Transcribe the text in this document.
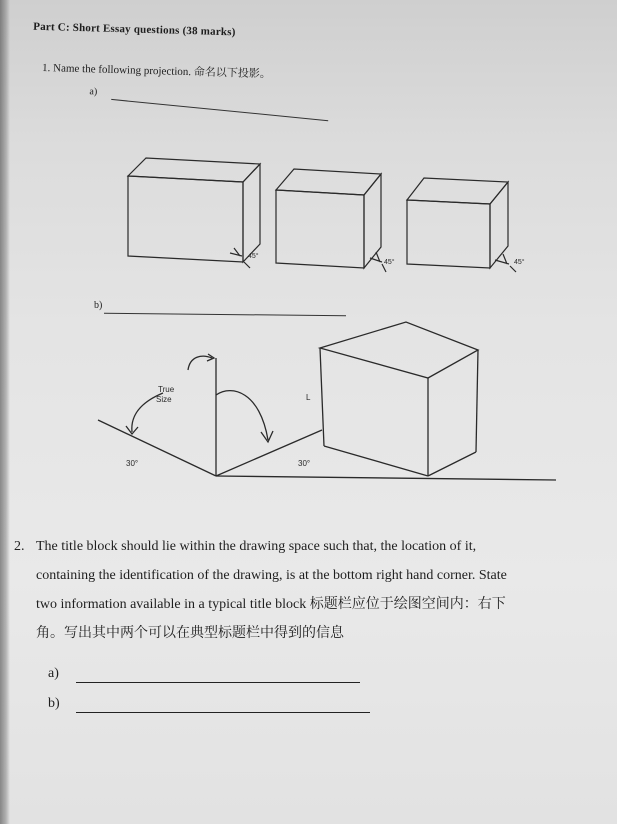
Part C: Short Essay questions (38 marks)
1. Name the following projection. 命名以下投影。
a)
45°
45°	45°
True
Size
30°	30°
L
b)
2. The title block should lie within the drawing space such that, the location of it,
containing the identification of the drawing, is at the bottom right hand corner. State
two information available in a typical title block 标题栏应位于绘图空间内：右下
角。写出其中两个可以在典型标题栏中得到的信息
a)
b)
